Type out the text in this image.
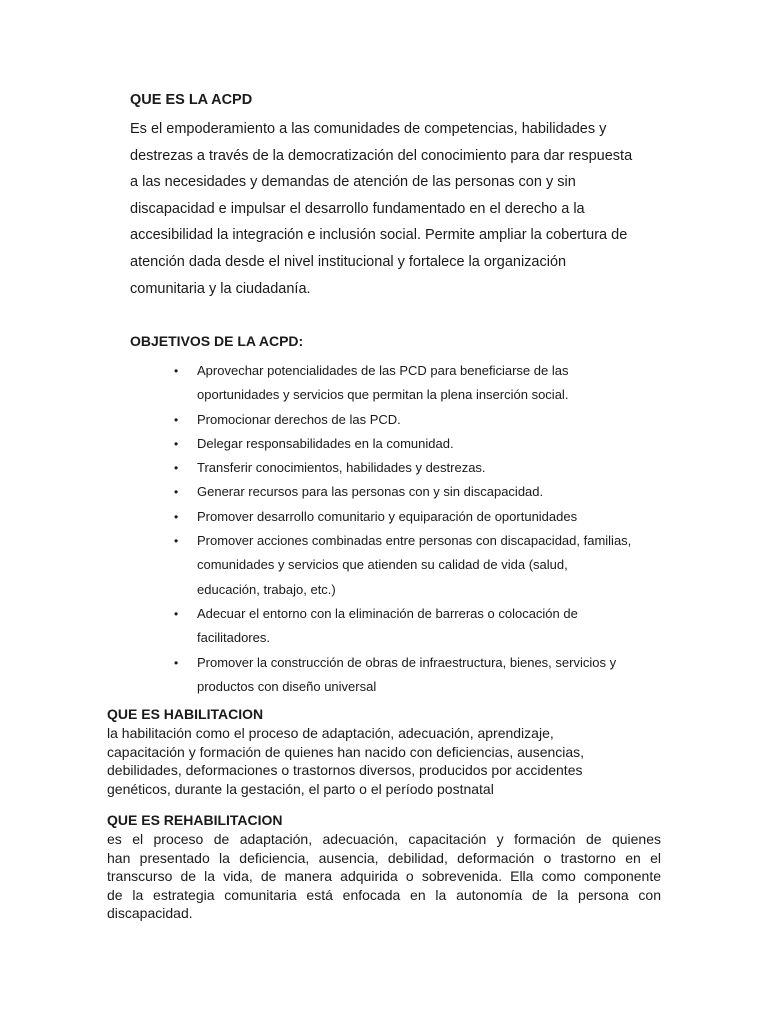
QUE ES LA ACPD

Es el empoderamiento a las comunidades de competencias, habilidades y
destrezas a través de la democratización del conocimiento para dar respuesta
a las necesidades y demandas de atención de las personas con y sin
discapacidad e impulsar el desarrollo fundamentado en el derecho a la
accesibilidad la integración e inclusión social. Permite ampliar la cobertura de
atención dada desde el nivel institucional y fortalece la organización
comunitaria y la ciudadanía.

OBJETIVOS DE LA ACPD:
• Aprovechar potencialidades de las PCD para beneficiarse de las
oportunidades y servicios que permitan la plena inserción social.
• Promocionar derechos de las PCD.
• Delegar responsabilidades en la comunidad.
• Transferir conocimientos, habilidades y destrezas.
• Generar recursos para las personas con y sin discapacidad.
• Promover desarrollo comunitario y equiparación de oportunidades
• Promover acciones combinadas entre personas con discapacidad, familias,
comunidades y servicios que atienden su calidad de vida (salud,
educación, trabajo, etc.)
• Adecuar el entorno con la eliminación de barreras o colocación de
facilitadores.
• Promover la construcción de obras de infraestructura, bienes, servicios y
productos con diseño universal
QUE ES HABILITACION

la habilitación como el proceso de adaptación, adecuación, aprendizaje,
capacitación y formación de quienes han nacido con deficiencias, ausencias,
debilidades, deformaciones o trastornos diversos, producidos por accidentes
genéticos, durante la gestación, el parto o el período postnatal

QUE ES REHABILITACION

es el proceso de adaptación, adecuación, capacitación y formación de quienes
han presentado la deficiencia, ausencia, debilidad, deformación o trastorno en el
transcurso de la vida, de manera adquirida o sobrevenida. Ella como componente
de la estrategia comunitaria está enfocada en la autonomía de la persona con
discapacidad.
